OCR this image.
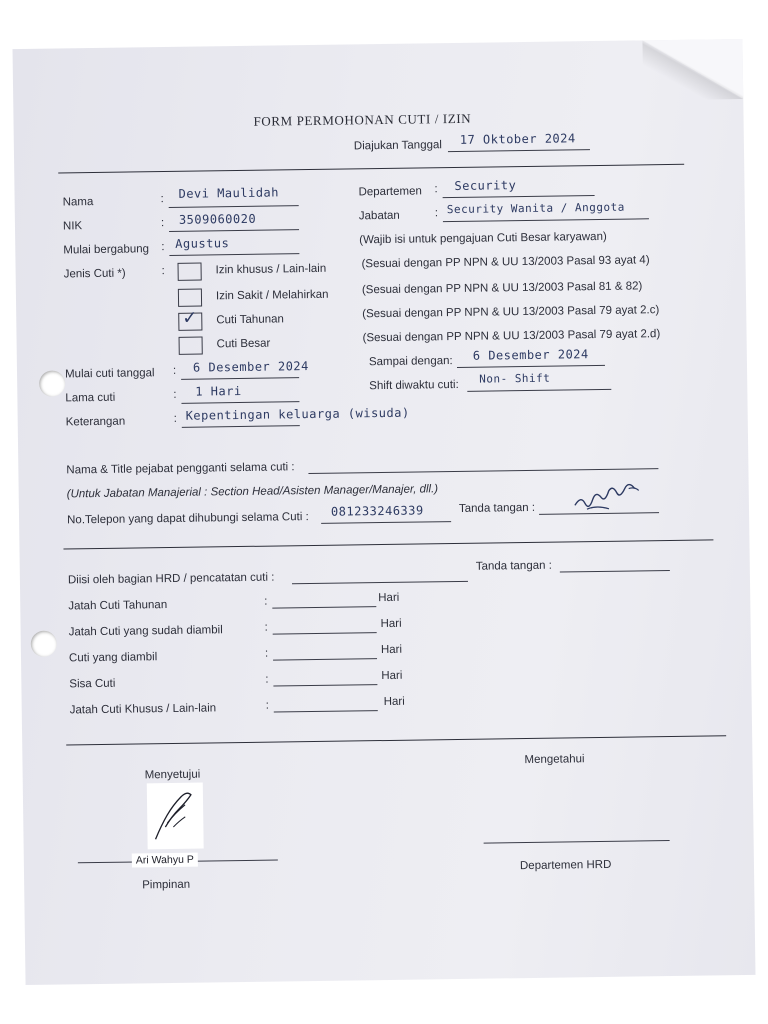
FORM PERMOHONAN CUTI / IZIN
Diajukan Tanggal 17 Oktober 2024
Nama	: Devi Maulidah
NIK	: 3509060020
Mulai bergabung : Agustus
Departemen : Security
Jabatan	: Security Wanita / Anggota
(Wajib isi untuk pengajuan Cuti Besar karyawan)
Jenis Cuti *)	:	Izin khusus / Lain-lain	(Sesuai dengan PP NPN & UU 13/2003 Pasal 93 ayat 4)
Izin Sakit / Melahirkan	(Sesuai dengan PP NPN & UU 13/2003 Pasal 81 & 82)
✓ Cuti Tahunan	(Sesuai dengan PP NPN & UU 13/2003 Pasal 79 ayat 2.c)
Cuti Besar	(Sesuai dengan PP NPN & UU 13/2003 Pasal 79 ayat 2.d)
Mulai cuti tanggal : 6 Desember 2024	Sampai dengan: 6 Desember 2024
Lama cuti	: 1 Hari	Shift diwaktu cuti: Non- Shift
Keterangan	: Kepentingan keluarga (wisuda)
Nama & Title pejabat pengganti selama cuti :
(Untuk Jabatan Manajerial : Section Head/Asisten Manager/Manajer, dll.)
No.Telepon yang dapat dihubungi selama Cuti : 081233246339	Tanda tangan :
Diisi oleh bagian HRD / pencatatan cuti :
Tanda tangan :
Jatah Cuti Tahunan	:	Hari
Jatah Cuti yang sudah diambil	:	Hari
Cuti yang diambil	:	Hari
Sisa Cuti	:	Hari
Jatah Cuti Khusus / Lain-lain	:	Hari
Menyetujui
Ari Wahyu P
Pimpinan
Mengetahui
Departemen HRD
